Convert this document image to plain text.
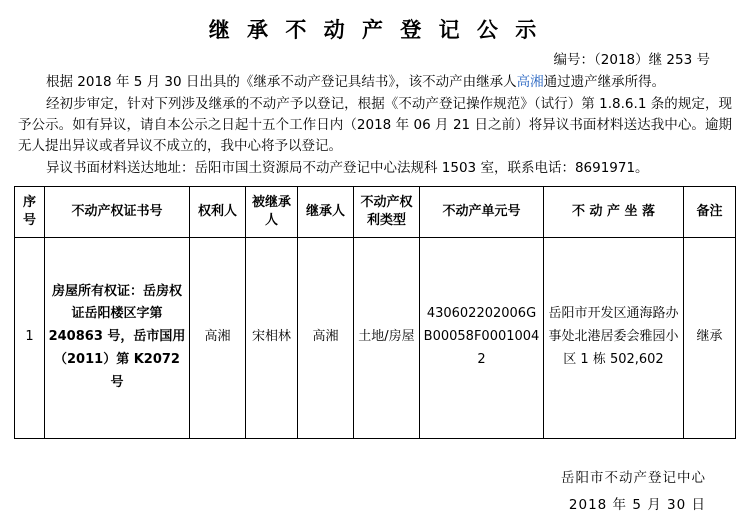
继 承 不 动 产 登 记 公 示
编号：（2018）继 253 号

根据 2018 年 5 月 30 日出具的《继承不动产登记具结书》，该不动产由继承人高湘通过遗产继承所得。

经初步审定，针对下列涉及继承的不动产予以登记，根据《不动产登记操作规范》（试行）第 1.8.6.1 条的规定，现予公示。如有异议，请自本公示之日起十五个工作日内（2018 年 06 月 21 日之前）将异议书面材料送达我中心。逾期无人提出异议或者异议不成立的，我中心将予以登记。

异议书面材料送达地址：岳阳市国土资源局不动产登记中心法规科 1503 室，联系电话：8691971。

序号	不动产权证书号	权利人	被继承人	继承人	不动产权利类型	不动产单元号	不 动 产 坐 落	备注
1	房屋所有权证：岳房权证岳阳楼区字第 240863 号，岳市国用（2011）第 K2072 号	高湘	宋相林	高湘	土地/房屋	430602202006GB00058F00010042	岳阳市开发区通海路办事处北港居委会雅园小区 1 栋 502,602	继承
岳阳市不动产登记中心
2018 年 5 月 30 日
